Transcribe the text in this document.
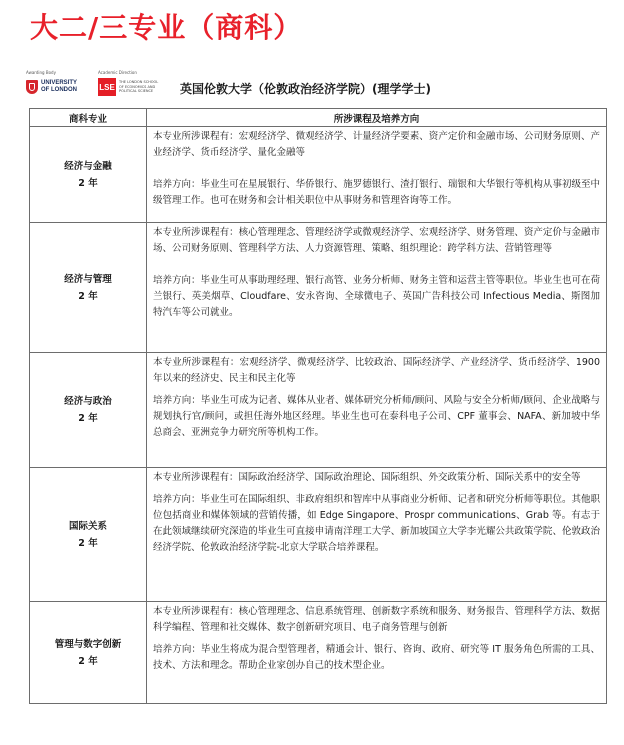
大二/三专业（商科）
Awarding Body
UNIVERSITY
OF LONDON
Academic Direction
LSE
THE LONDON SCHOOL
OF ECONOMICS AND
POLITICAL SCIENCE	英国伦敦大学（伦敦政治经济学院）(理学学士)
商科专业	所涉课程及培养方向

经济与金融
2 年	本专业所涉课程有：宏观经济学、微观经济学、计量经济学要素、资产定价和金融市场、公司财务原则、产业经济学、货币经济学、量化金融等
培养方向：毕业生可在星展银行、华侨银行、施罗德银行、渣打银行、瑞银和大华银行等机构从事初级至中级管理工作。也可在财务和会计相关职位中从事财务和管理咨询等工作。

经济与管理
2 年	本专业所涉课程有：核心管理理念、管理经济学或微观经济学、宏观经济学、财务管理、资产定价与金融市场、公司财务原则、管理科学方法、人力资源管理、策略、组织理论：跨学科方法、营销管理等
培养方向：毕业生可从事助理经理、银行高管、业务分析师、财务主管和运营主管等职位。毕业生也可在荷兰银行、英美烟草、Cloudfare、安永咨询、全球微电子、英国广告科技公司 Infectious Media、斯图加特汽车等公司就业。

经济与政治
2 年	本专业所涉课程有：宏观经济学、微观经济学、比较政治、国际经济学、产业经济学、货币经济学、1900 年以来的经济史、民主和民主化等
培养方向：毕业生可成为记者、媒体从业者、媒体研究分析师/顾问、风险与安全分析师/顾问、企业战略与规划执行官/顾问，或担任海外地区经理。毕业生也可在泰科电子公司、CPF 董事会、NAFA、新加坡中华总商会、亚洲竞争力研究所等机构工作。

国际关系
2 年	本专业所涉课程有：国际政治经济学、国际政治理论、国际组织、外交政策分析、国际关系中的安全等
培养方向：毕业生可在国际组织、非政府组织和智库中从事商业分析师、记者和研究分析师等职位。其他职位包括商业和媒体领域的营销传播，如 Edge Singapore、Prospr communications、Grab 等。有志于在此领域继续研究深造的毕业生可直接申请南洋理工大学、新加坡国立大学李光耀公共政策学院、伦敦政治经济学院、伦敦政治经济学院-北京大学联合培养课程。

管理与数字创新
2 年	本专业所涉课程有：核心管理理念、信息系统管理、创新数字系统和服务、财务报告、管理科学方法、数据科学编程、管理和社交媒体、数字创新研究项目、电子商务管理与创新
培养方向：毕业生将成为混合型管理者，精通会计、银行、咨询、政府、研究等 IT 服务角色所需的工具、技术、方法和理念。帮助企业家创办自己的技术型企业。
